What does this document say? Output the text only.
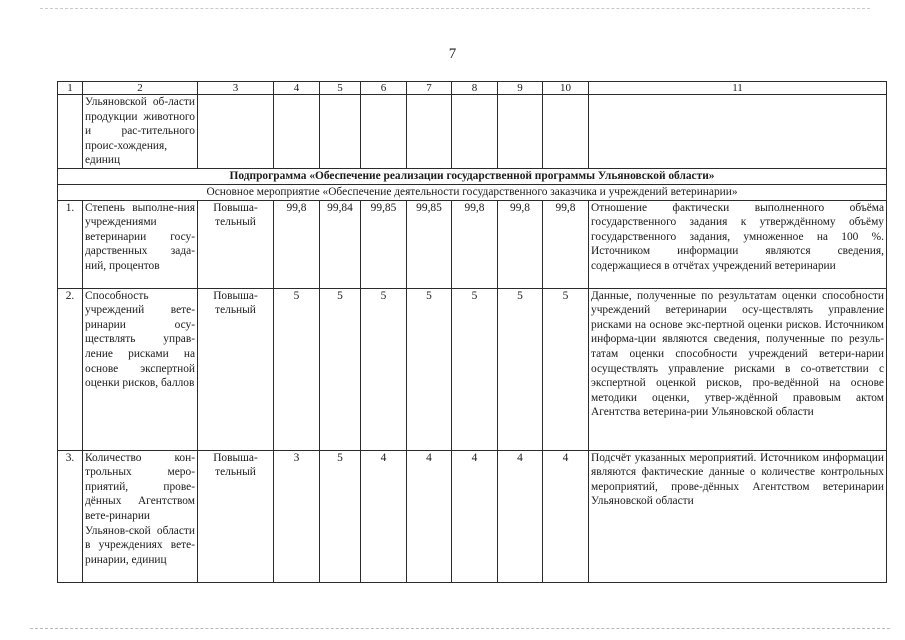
7
1	2	3	4	5	6	7	8	9	10	11
	Ульяновской об-ласти продукции животного и рас-тительного проис-хождения, единиц									
Подпрограмма «Обеспечение реализации государственной программы Ульяновской области»										
Основное мероприятие «Обеспечение деятельности государственного заказчика и учреждений ветеринарии»										
1.	Степень выполне-ния учреждениями ветеринарии госу-дарственных зада-ний, процентов	Повыша-тельный	99,8	99,84	99,85	99,85	99,8	99,8	99,8	Отношение фактически выполненного объёма государственного задания к утверждённому объёму государственного задания, умноженное на 100 %. Источником информации являются сведения, содержащиеся в отчётах учреждений ветеринарии
2.	Способность учреждений вете-ринарии осу-ществлять управ-ление рисками на основе экспертной оценки рисков, баллов	Повыша-тельный	5	5	5	5	5	5	5	Данные, полученные по результатам оценки способности учреждений ветеринарии осу-ществлять управление рисками на основе экс-пертной оценки рисков. Источником информа-ции являются сведения, полученные по резуль-татам оценки способности учреждений ветери-нарии осуществлять управление рисками в со-ответствии с экспертной оценкой рисков, про-ведённой на основе методики оценки, утвер-ждённой правовым актом Агентства ветерина-рии Ульяновской области
3.	Количество кон-трольных меро-приятий, прове-дённых Агентством вете-ринарии Ульянов-ской области в учреждениях вете-ринарии, единиц	Повыша-тельный	3	5	4	4	4	4	4	Подсчёт указанных мероприятий. Источником информации являются фактические данные о количестве контрольных мероприятий, прове-дённых Агентством ветеринарии Ульяновской области
